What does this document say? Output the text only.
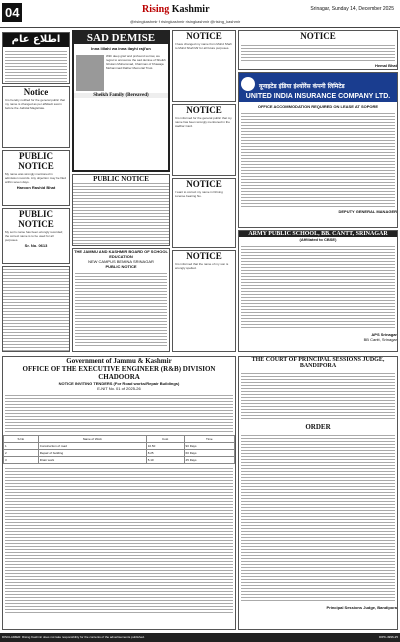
04	Rising Kashmir	Srinagar, Sunday 14, December 2025
@risingkashmir f risingkashmir risingkashmir @rising_kashmir
اطلاع عام
Notice
It is hereby notified for the general public that my name is changed as per affidavit sworn before the Judicial Magistrate.
PUBLIC NOTICE
My name was wrongly mentioned in admission records. Any objection may be filed within seven days.
Haroon Rashid Bhat
PUBLIC NOTICE
My son's name has been wrongly recorded; the correct name is to be used for all purposes.
Sr. No. 0613
SAD DEMISE
Inna lillahi wa inna ilayhi raji'un
With deep grief and profound sorrow, we regret to announce the sad demise of Sheikh Ghulam Mohammad, Chairman of Khawaja Mohammad Rather Memorial Trust.
Sheikh Family (Bereaved)
PUBLIC NOTICE
THE JAMMU AND KASHMIR BOARD OF SCHOOL EDUCATION
NEW CAMPUS BEMINA SRINAGAR
PUBLIC NOTICE
NOTICE
I have changed my name from Mohd Shafi to Mohd Shafi Mir for all future purposes.
NOTICE
It is informed for the general public that my name has been wrongly mentioned in the Aadhar Card.
NOTICE
I want to correct my name in Driving License bearing No.
NOTICE
It is informed that the name of my son is wrongly spelled.
NOTICE
Hemal Bhat
यूनाइटेड इंडिया इंश्योरेंस कंपनी लिमिटेड
UNITED INDIA INSURANCE COMPANY LTD.
OFFICE ACCOMMODATION REQUIRED ON LEASE AT SOPORE
DEPUTY GENERAL MANAGER
ARMY PUBLIC SCHOOL, BB. CANTT, SRINAGAR
(Affiliated to CBSE)
APS Srinagar
BB Cantt, Srinagar
Government of Jammu & Kashmir
OFFICE OF THE EXECUTIVE ENGINEER (R&B) DIVISION CHADOORA
NOTICE INVITING TENDERS (For Road works/Repair Buildings)
E-NIT No. 01 of 2025-26
S.No	Name of Work	Cost	Time
1	Construction of road	10.50	90 Days
2	Repair of building	8.25	60 Days
3	Drain work	5.10	45 Days
THE COURT OF PRINCIPAL SESSIONS JUDGE, BANDIPORA
ORDER
Principal Sessions Judge, Bandipora
DISCLAIMER: Rising Kashmir does not take responsibility for the contents of the advertisements published.	DIPK-4996-25
